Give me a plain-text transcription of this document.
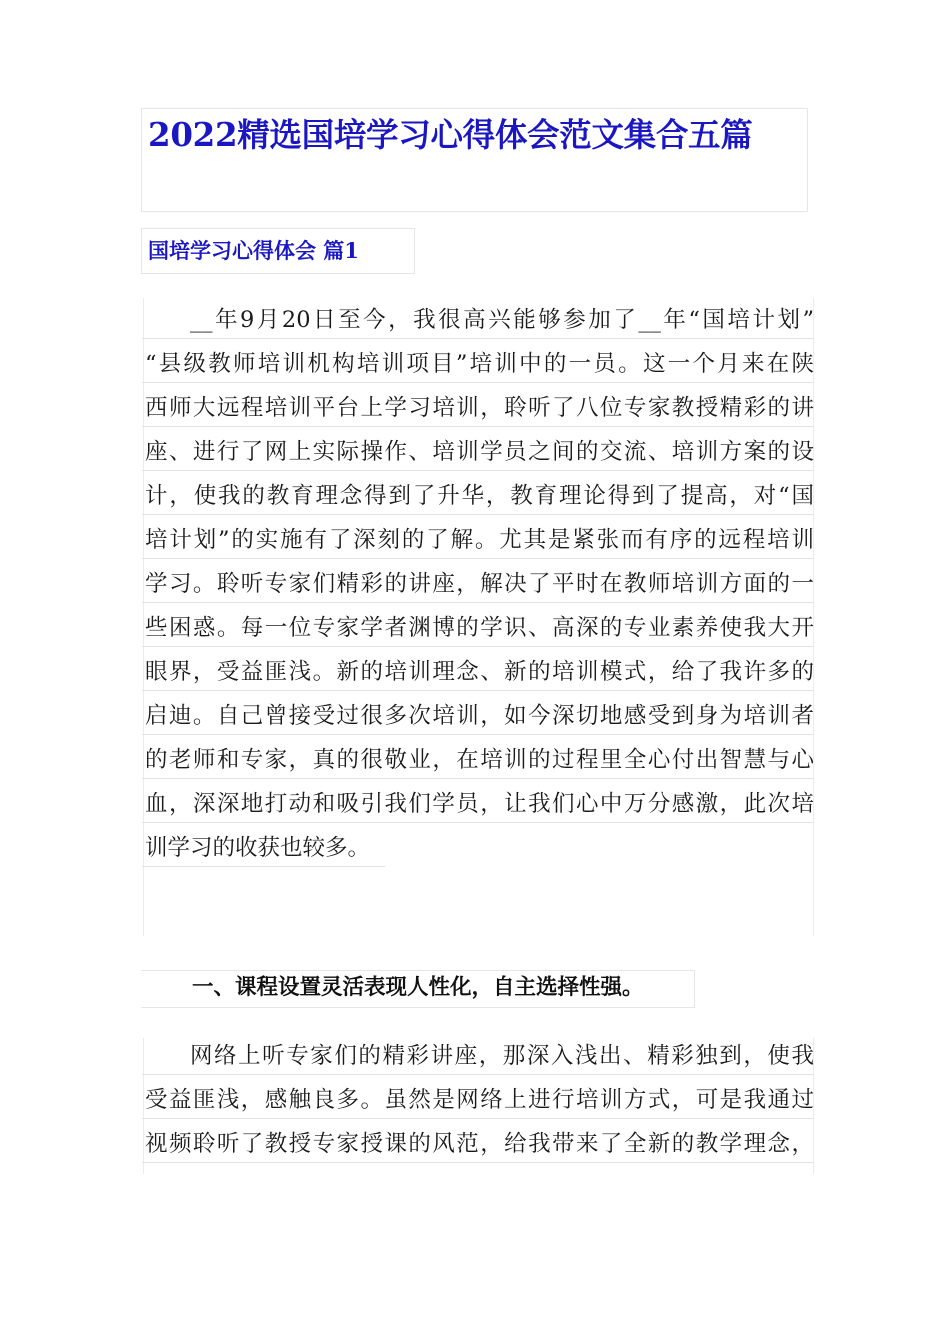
2022精选国培学习心得体会范文集合五篇
国培学习心得体会 篇1
__年9月20日至今，我很高兴能够参加了__年“国培计划”
“县级教师培训机构培训项目”培训中的一员。这一个月来在陕
西师大远程培训平台上学习培训，聆听了八位专家教授精彩的讲
座、进行了网上实际操作、培训学员之间的交流、培训方案的设
计，使我的教育理念得到了升华，教育理论得到了提高，对“国
培计划”的实施有了深刻的了解。尤其是紧张而有序的远程培训
学习。聆听专家们精彩的讲座，解决了平时在教师培训方面的一
些困惑。每一位专家学者渊博的学识、高深的专业素养使我大开
眼界，受益匪浅。新的培训理念、新的培训模式，给了我许多的
启迪。自己曾接受过很多次培训，如今深切地感受到身为培训者
的老师和专家，真的很敬业，在培训的过程里全心付出智慧与心
血，深深地打动和吸引我们学员，让我们心中万分感激，此次培
训学习的收获也较多。
一、课程设置灵活表现人性化，自主选择性强。
网络上听专家们的精彩讲座，那深入浅出、精彩独到，使我
受益匪浅，感触良多。虽然是网络上进行培训方式，可是我通过
视频聆听了教授专家授课的风范，给我带来了全新的教学理念，
